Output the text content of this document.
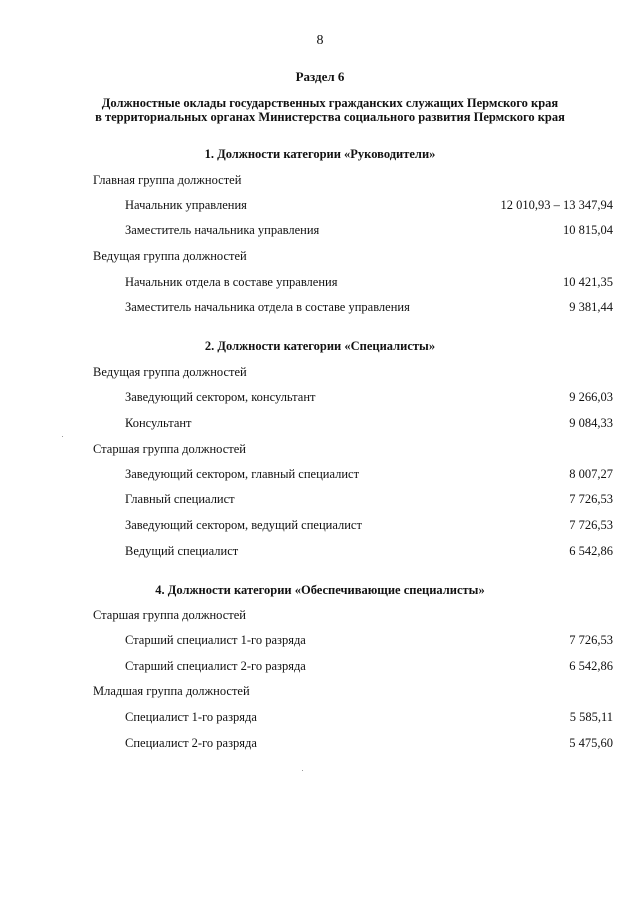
8
Раздел 6
Должностные оклады государственных гражданских служащих Пермского края
в территориальных органах Министерства социального развития Пермского края
1. Должности категории «Руководители»
Главная группа должностей
Начальник управления	12 010,93 – 13 347,94
Заместитель начальника управления	10 815,04
Ведущая группа должностей
Начальник отдела в составе управления	10 421,35
Заместитель начальника отдела в составе управления	9 381,44
2. Должности категории «Специалисты»
Ведущая группа должностей
Заведующий сектором, консультант	9 266,03
Консультант	9 084,33
Старшая группа должностей
Заведующий сектором, главный специалист	8 007,27
Главный специалист	7 726,53
Заведующий сектором, ведущий специалист	7 726,53
Ведущий специалист	6 542,86
4. Должности категории «Обеспечивающие специалисты»
Старшая группа должностей
Старший специалист 1-го разряда	7 726,53
Старший специалист 2-го разряда	6 542,86
Младшая группа должностей
Специалист 1-го разряда	5 585,11
Специалист 2-го разряда	5 475,60
